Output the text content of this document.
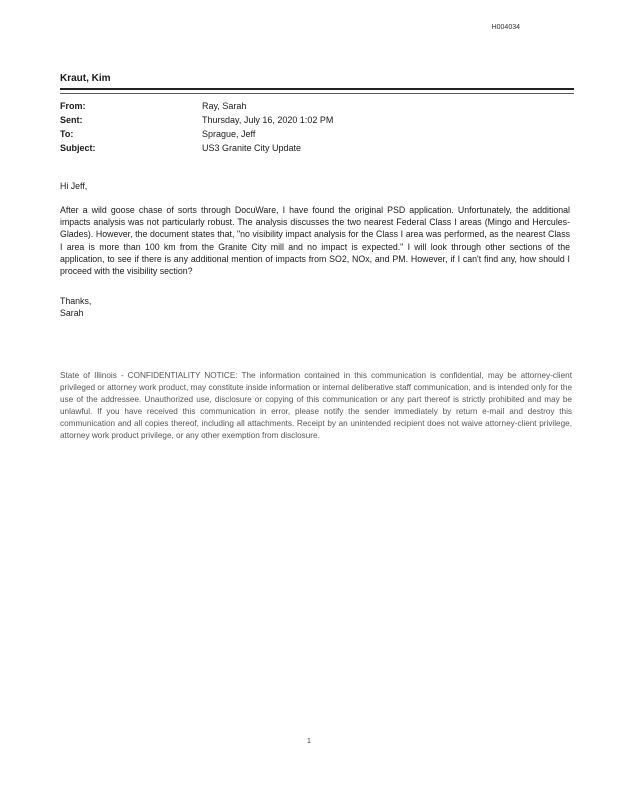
H004034
Kraut, Kim
From:	Ray, Sarah
Sent:	Thursday, July 16, 2020 1:02 PM
To:	Sprague, Jeff
Subject:	US3 Granite City Update
Hi Jeff,
After a wild goose chase of sorts through DocuWare, I have found the original PSD application. Unfortunately, the additional impacts analysis was not particularly robust. The analysis discusses the two nearest Federal Class I areas (Mingo and Hercules-Glades). However, the document states that, "no visibility impact analysis for the Class I area was performed, as the nearest Class I area is more than 100 km from the Granite City mill and no impact is expected." I will look through other sections of the application, to see if there is any additional mention of impacts from SO2, NOx, and PM. However, if I can't find any, how should I proceed with the visibility section?
Thanks,
Sarah
State of Illinois - CONFIDENTIALITY NOTICE: The information contained in this communication is confidential, may be attorney-client privileged or attorney work product, may constitute inside information or internal deliberative staff communication, and is intended only for the use of the addressee. Unauthorized use, disclosure or copying of this communication or any part thereof is strictly prohibited and may be unlawful. If you have received this communication in error, please notify the sender immediately by return e-mail and destroy this communication and all copies thereof, including all attachments. Receipt by an unintended recipient does not waive attorney-client privilege, attorney work product privilege, or any other exemption from disclosure.
1
